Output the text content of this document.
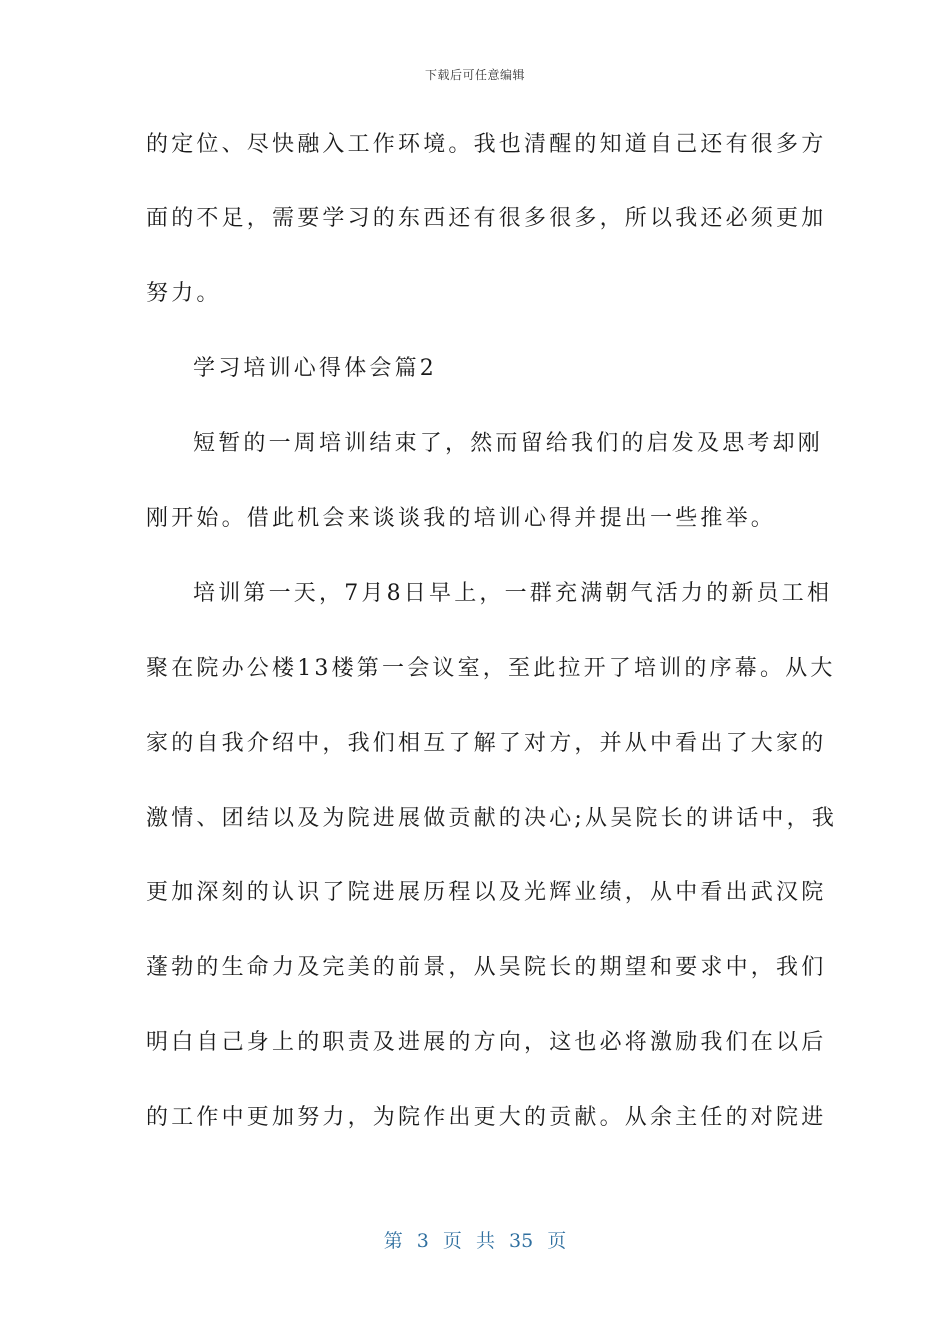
下载后可任意编辑
的定位、尽快融入工作环境。我也清醒的知道自己还有很多方
面的不足，需要学习的东西还有很多很多，所以我还必须更加
努力。
学习培训心得体会篇2
短暂的一周培训结束了，然而留给我们的启发及思考却刚
刚开始。借此机会来谈谈我的培训心得并提出一些推举。
培训第一天，7月8日早上，一群充满朝气活力的新员工相
聚在院办公楼13楼第一会议室，至此拉开了培训的序幕。从大
家的自我介绍中，我们相互了解了对方，并从中看出了大家的
激情、团结以及为院进展做贡献的决心;从吴院长的讲话中，我
更加深刻的认识了院进展历程以及光辉业绩，从中看出武汉院
蓬勃的生命力及完美的前景，从吴院长的期望和要求中，我们
明白自己身上的职责及进展的方向，这也必将激励我们在以后
的工作中更加努力，为院作出更大的贡献。从余主任的对院进
第 3 页 共 35 页
